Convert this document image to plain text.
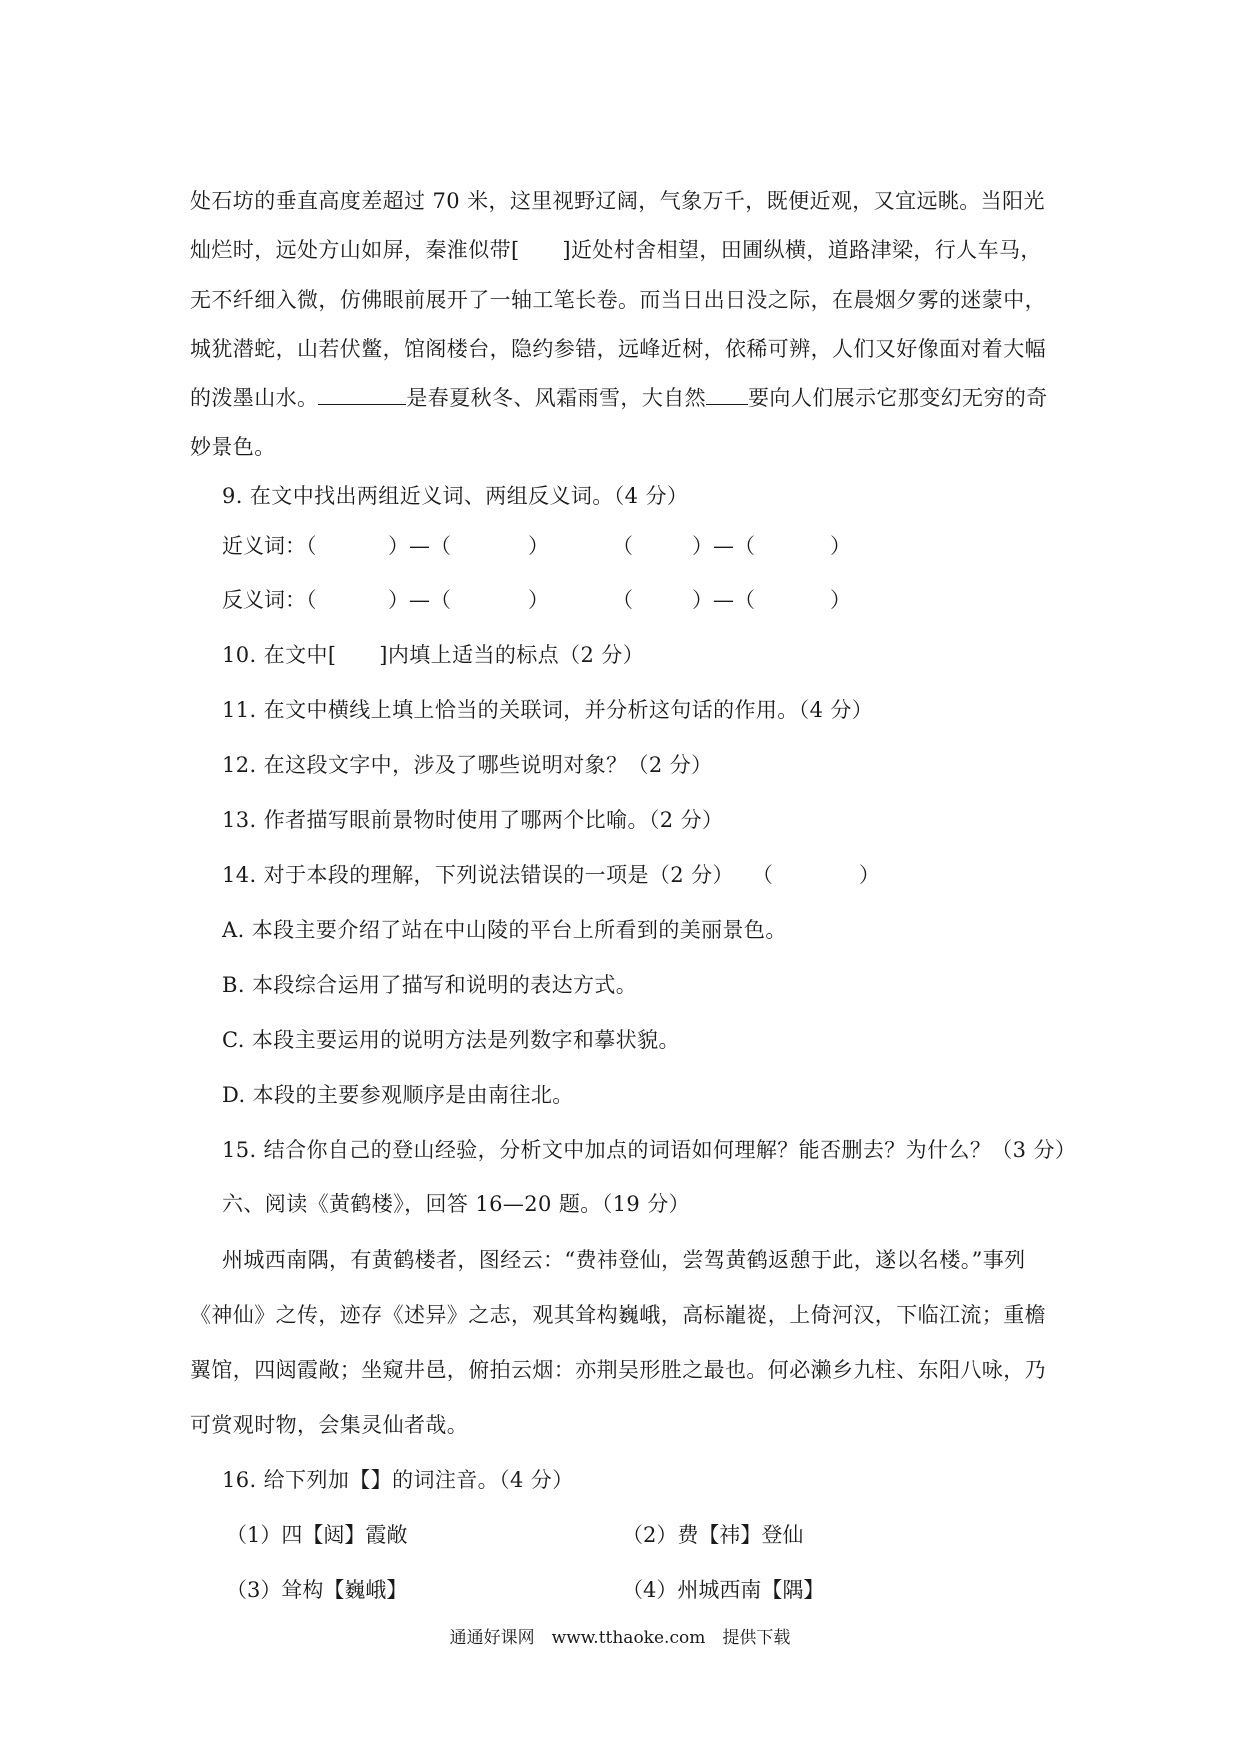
处石坊的垂直高度差超过 70 米，这里视野辽阔，气象万千，既便近观，又宜远眺。当阳光
灿烂时，远处方山如屏，秦淮似带[　　]近处村舍相望，田圃纵横，道路津梁，行人车马，
无不纤细入微，仿佛眼前展开了一轴工笔长卷。而当日出日没之际，在晨烟夕雾的迷蒙中，
城犹潜蛇，山若伏鳖，馆阁楼台，隐约参错，远峰近树，依稀可辨，人们又好像面对着大幅
的泼墨山水。	是春夏秋冬、风霜雨雪，大自然 要向人们展示它那变幻无穷的奇
妙景色。
9. 在文中找出两组近义词、两组反义词。（4 分）
近义词：（	）—（	）	（	）—（	）
反义词：（	）—（	）	（	）—（	）
10. 在文中[　　]内填上适当的标点（2 分）
11. 在文中横线上填上恰当的关联词，并分析这句话的作用。（4 分）
12. 在这段文字中，涉及了哪些说明对象？（2 分）
13. 作者描写眼前景物时使用了哪两个比喻。（2 分）
14. 对于本段的理解，下列说法错误的一项是（2 分）　 （　　　　）
A. 本段主要介绍了站在中山陵的平台上所看到的美丽景色。
B. 本段综合运用了描写和说明的表达方式。
C. 本段主要运用的说明方法是列数字和摹状貌。
D. 本段的主要参观顺序是由南往北。
15. 结合你自己的登山经验，分析文中加点的词语如何理解？能否删去？为什么？（3 分）
六、阅读《黄鹤楼》，回答 16—20 题。（19 分）
州城西南隅，有黄鹤楼者，图经云：“费祎登仙，尝驾黄鹤返憩于此，遂以名楼。”事列
《神仙》之传，迹存《述异》之志，观其耸构巍峨，高标巃嵸，上倚河汉，下临江流；重檐
翼馆，四闼霞敞；坐窥井邑，俯拍云烟：亦荆吴形胜之最也。何必濑乡九柱、东阳八咏，乃
可赏观时物，会集灵仙者哉。
16. 给下列加【】的词注音。（4 分）
（1）四【闼】霞敞	（2）费【祎】登仙
（3）耸构【巍峨】	（4）州城西南【隅】
通通好课网　www.tthaoke.com　提供下载
